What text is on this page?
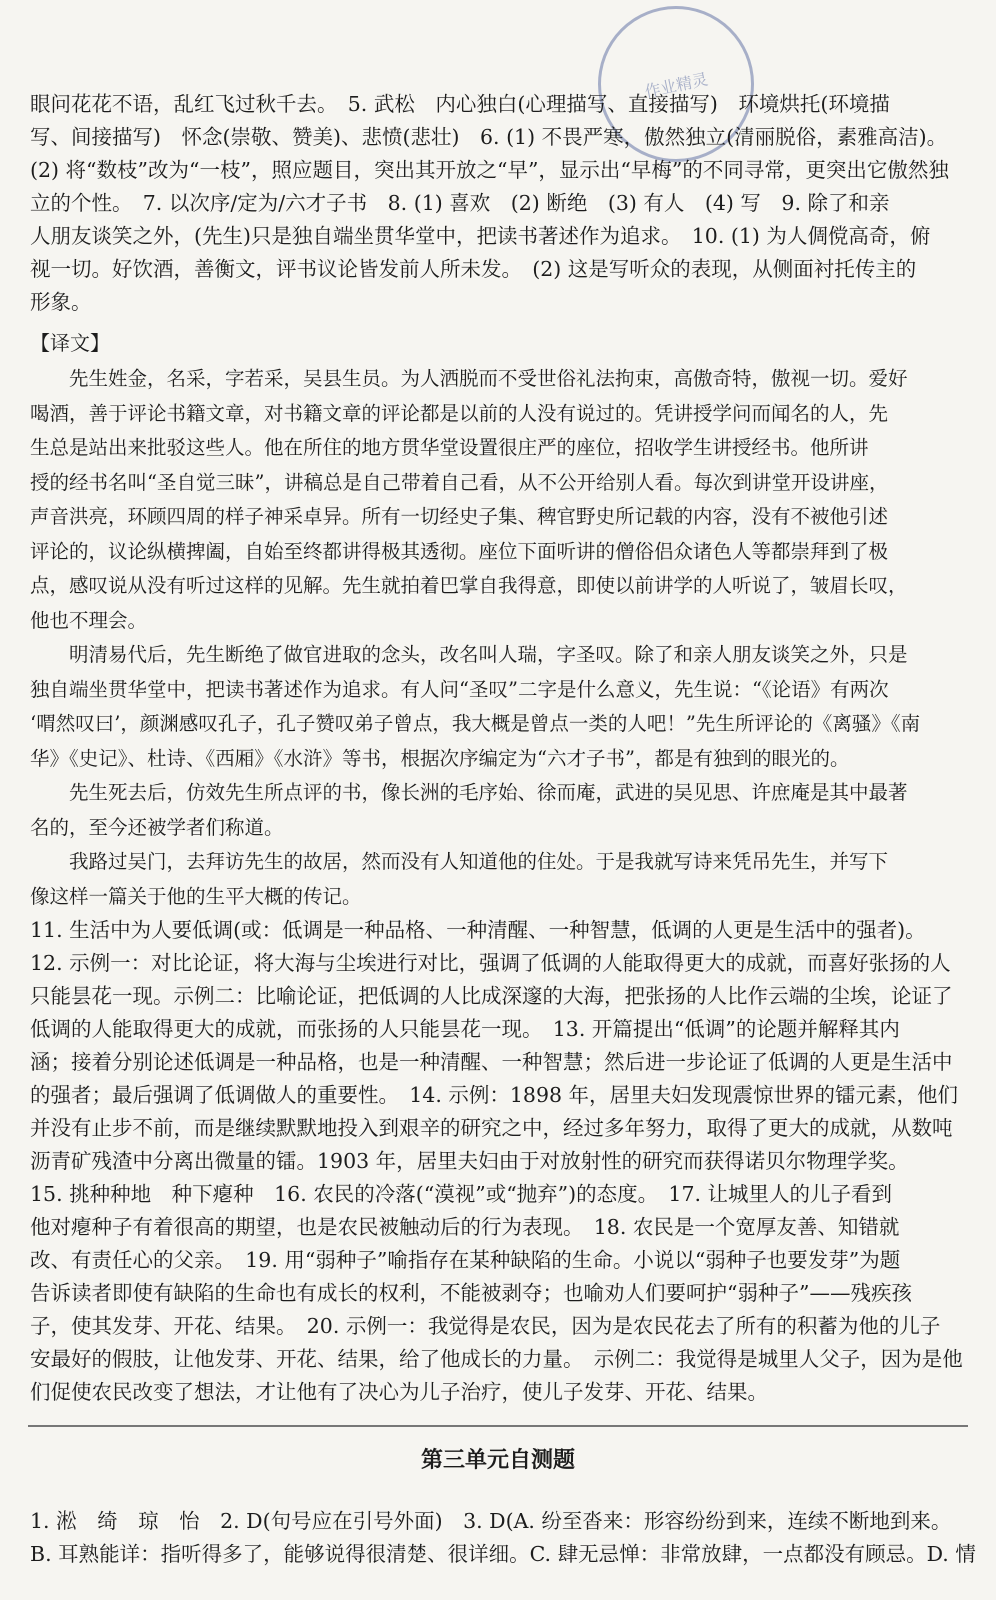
作业精灵
眼问花花不语，乱红飞过秋千去。　5. 武松　内心独白(心理描写、直接描写)　环境烘托(环境描
写、间接描写)　怀念(崇敬、赞美)、悲愤(悲壮)　6. (1) 不畏严寒，傲然独立(清丽脱俗，素雅高洁)。
(2) 将“数枝”改为“一枝”，照应题目，突出其开放之“早”，显示出“早梅”的不同寻常，更突出它傲然独
立的个性。　7. 以次序/定为/六才子书　8. (1) 喜欢　(2) 断绝　(3) 有人　(4) 写　9. 除了和亲
人朋友谈笑之外，(先生)只是独自端坐贯华堂中，把读书著述作为追求。　10. (1) 为人倜傥高奇，俯
视一切。好饮酒，善衡文，评书议论皆发前人所未发。　(2) 这是写听众的表现，从侧面衬托传主的
形象。
【译文】
　　先生姓金，名采，字若采，吴县生员。为人洒脱而不受世俗礼法拘束，高傲奇特，傲视一切。爱好
喝酒，善于评论书籍文章，对书籍文章的评论都是以前的人没有说过的。凭讲授学问而闻名的人，先
生总是站出来批驳这些人。他在所住的地方贯华堂设置很庄严的座位，招收学生讲授经书。他所讲
授的经书名叫“圣自觉三昧”，讲稿总是自己带着自己看，从不公开给别人看。每次到讲堂开设讲座，
声音洪亮，环顾四周的样子神采卓异。所有一切经史子集、稗官野史所记载的内容，没有不被他引述
评论的，议论纵横捭阖，自始至终都讲得极其透彻。座位下面听讲的僧俗侣众诸色人等都崇拜到了极
点，感叹说从没有听过这样的见解。先生就拍着巴掌自我得意，即使以前讲学的人听说了，皱眉长叹，
他也不理会。
　　明清易代后，先生断绝了做官进取的念头，改名叫人瑞，字圣叹。除了和亲人朋友谈笑之外，只是
独自端坐贯华堂中，把读书著述作为追求。有人问“圣叹”二字是什么意义，先生说：“《论语》有两次
‘喟然叹曰’，颜渊感叹孔子，孔子赞叹弟子曾点，我大概是曾点一类的人吧！”先生所评论的《离骚》《南
华》《史记》、杜诗、《西厢》《水浒》等书，根据次序编定为“六才子书”，都是有独到的眼光的。
　　先生死去后，仿效先生所点评的书，像长洲的毛序始、徐而庵，武进的吴见思、许庶庵是其中最著
名的，至今还被学者们称道。
　　我路过吴门，去拜访先生的故居，然而没有人知道他的住处。于是我就写诗来凭吊先生，并写下
像这样一篇关于他的生平大概的传记。
11. 生活中为人要低调(或：低调是一种品格、一种清醒、一种智慧，低调的人更是生活中的强者)。
12. 示例一：对比论证，将大海与尘埃进行对比，强调了低调的人能取得更大的成就，而喜好张扬的人
只能昙花一现。示例二：比喻论证，把低调的人比成深邃的大海，把张扬的人比作云端的尘埃，论证了
低调的人能取得更大的成就，而张扬的人只能昙花一现。　13. 开篇提出“低调”的论题并解释其内
涵；接着分别论述低调是一种品格，也是一种清醒、一种智慧；然后进一步论证了低调的人更是生活中
的强者；最后强调了低调做人的重要性。　14. 示例：1898 年，居里夫妇发现震惊世界的镭元素，他们
并没有止步不前，而是继续默默地投入到艰辛的研究之中，经过多年努力，取得了更大的成就，从数吨
沥青矿残渣中分离出微量的镭。1903 年，居里夫妇由于对放射性的研究而获得诺贝尔物理学奖。
15. 挑种种地　种下瘪种　16. 农民的冷落(“漠视”或“抛弃”)的态度。　17. 让城里人的儿子看到
他对瘪种子有着很高的期望，也是农民被触动后的行为表现。　18. 农民是一个宽厚友善、知错就
改、有责任心的父亲。　19. 用“弱种子”喻指存在某种缺陷的生命。小说以“弱种子也要发芽”为题
告诉读者即使有缺陷的生命也有成长的权利，不能被剥夺；也喻劝人们要呵护“弱种子”——残疾孩
子，使其发芽、开花、结果。　20. 示例一：我觉得是农民，因为是农民花去了所有的积蓄为他的儿子
安最好的假肢，让他发芽、开花、结果，给了他成长的力量。　示例二：我觉得是城里人父子，因为是他
们促使农民改变了想法，才让他有了决心为儿子治疗，使儿子发芽、开花、结果。
第三单元自测题
1. 淞　绮　琼　怡　2. D(句号应在引号外面)　3. D(A. 纷至沓来：形容纷纷到来，连续不断地到来。
B. 耳熟能详：指听得多了，能够说得很清楚、很详细。C. 肆无忌惮：非常放肆，一点都没有顾忌。D. 情
